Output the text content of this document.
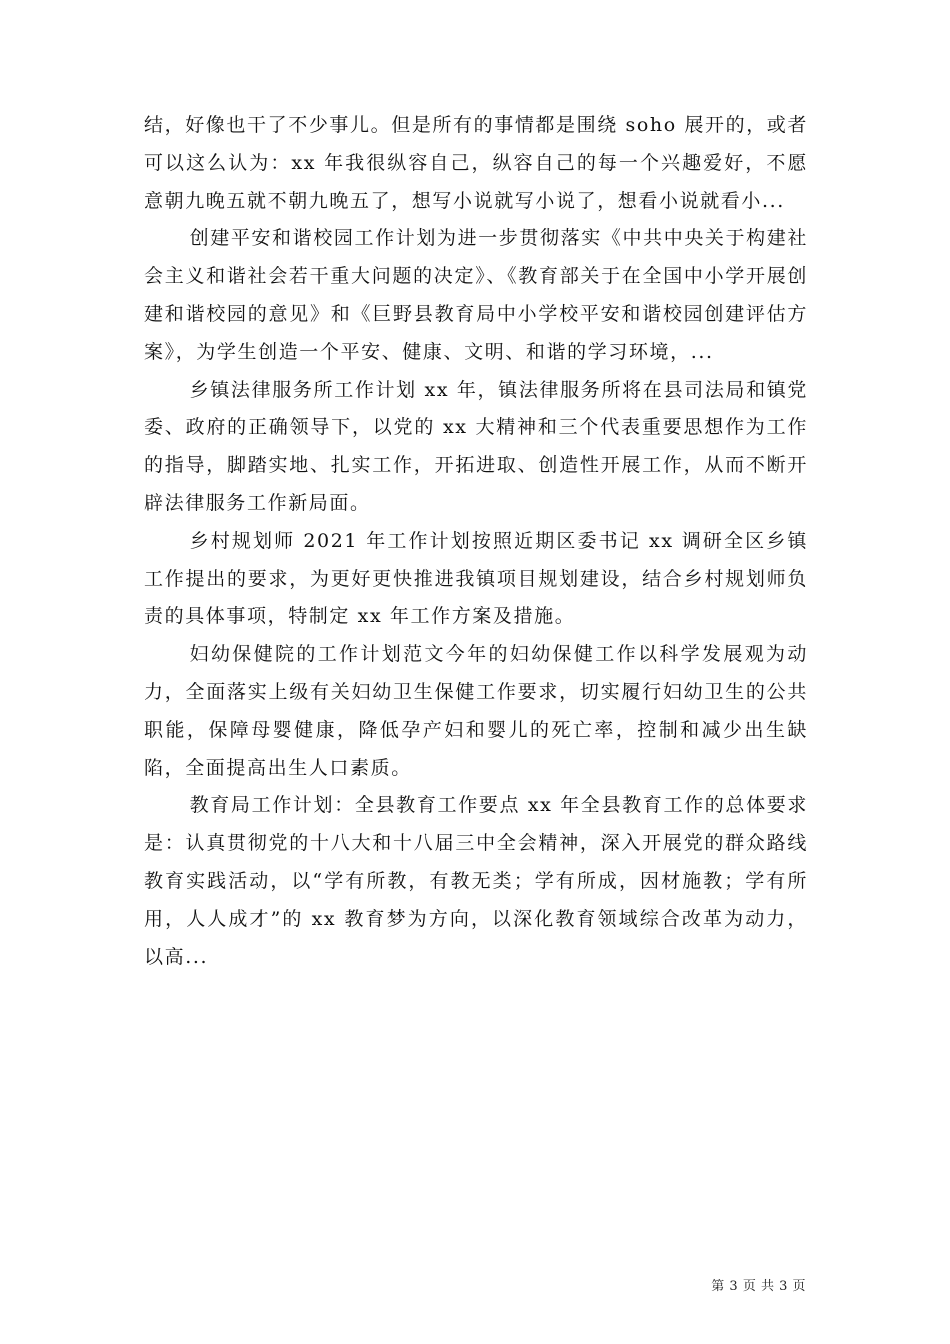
结，好像也干了不少事儿。但是所有的事情都是围绕 soho 展开的，或者可以这么认为：xx 年我很纵容自己，纵容自己的每一个兴趣爱好，不愿意朝九晚五就不朝九晚五了，想写小说就写小说了，想看小说就看小...

创建平安和谐校园工作计划为进一步贯彻落实《中共中央关于构建社会主义和谐社会若干重大问题的决定》、《教育部关于在全国中小学开展创建和谐校园的意见》和《巨野县教育局中小学校平安和谐校园创建评估方案》，为学生创造一个平安、健康、文明、和谐的学习环境，...

乡镇法律服务所工作计划 xx 年，镇法律服务所将在县司法局和镇党委、政府的正确领导下，以党的 xx 大精神和三个代表重要思想作为工作的指导，脚踏实地、扎实工作，开拓进取、创造性开展工作，从而不断开辟法律服务工作新局面。

乡村规划师 2021 年工作计划按照近期区委书记 xx 调研全区乡镇工作提出的要求，为更好更快推进我镇项目规划建设，结合乡村规划师负责的具体事项，特制定 xx 年工作方案及措施。

妇幼保健院的工作计划范文今年的妇幼保健工作以科学发展观为动力，全面落实上级有关妇幼卫生保健工作要求，切实履行妇幼卫生的公共职能，保障母婴健康，降低孕产妇和婴儿的死亡率，控制和减少出生缺陷，全面提高出生人口素质。

教育局工作计划：全县教育工作要点 xx 年全县教育工作的总体要求是：认真贯彻党的十八大和十八届三中全会精神，深入开展党的群众路线教育实践活动，以“学有所教，有教无类；学有所成，因材施教；学有所用，人人成才”的 xx 教育梦为方向，以深化教育领域综合改革为动力，以高...

第 3 页 共 3 页
